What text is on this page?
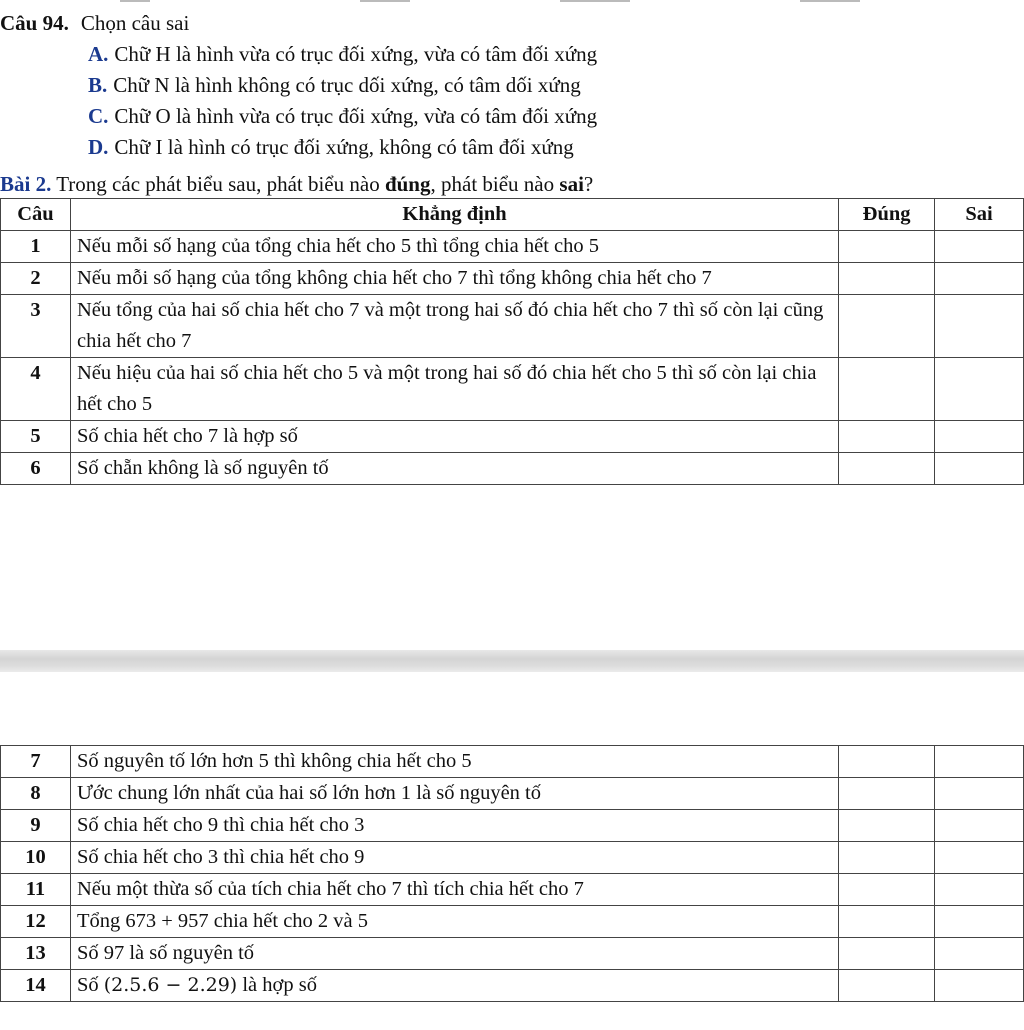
Câu 94. Chọn câu sai
A. Chữ H là hình vừa có trục đối xứng, vừa có tâm đối xứng
B. Chữ N là hình không có trục dối xứng, có tâm dối xứng
C. Chữ O là hình vừa có trục đối xứng, vừa có tâm đối xứng
D. Chữ I là hình có trục đối xứng, không có tâm đối xứng
Bài 2. Trong các phát biểu sau, phát biểu nào đúng, phát biểu nào sai?
Câu	Khẳng định	Đúng	Sai
1	Nếu mỗi số hạng của tổng chia hết cho 5 thì tổng chia hết cho 5		
2	Nếu mỗi số hạng của tổng không chia hết cho 7 thì tổng không chia hết cho 7		
3	Nếu tổng của hai số chia hết cho 7 và một trong hai số đó chia hết cho 7 thì số còn lại cũng chia hết cho 7		
4	Nếu hiệu của hai số chia hết cho 5 và một trong hai số đó chia hết cho 5 thì số còn lại chia hết cho 5		
5	Số chia hết cho 7 là hợp số		
6	Số chẵn không là số nguyên tố		
7	Số nguyên tố lớn hơn 5 thì không chia hết cho 5		
8	Ước chung lớn nhất của hai số lớn hơn 1 là số nguyên tố		
9	Số chia hết cho 9 thì chia hết cho 3		
10	Số chia hết cho 3 thì chia hết cho 9		
11	Nếu một thừa số của tích chia hết cho 7 thì tích chia hết cho 7		
12	Tổng 673 + 957 chia hết cho 2 và 5		
13	Số 97 là số nguyên tố		
14	Số (2.5.6 − 2.29) là hợp số		
